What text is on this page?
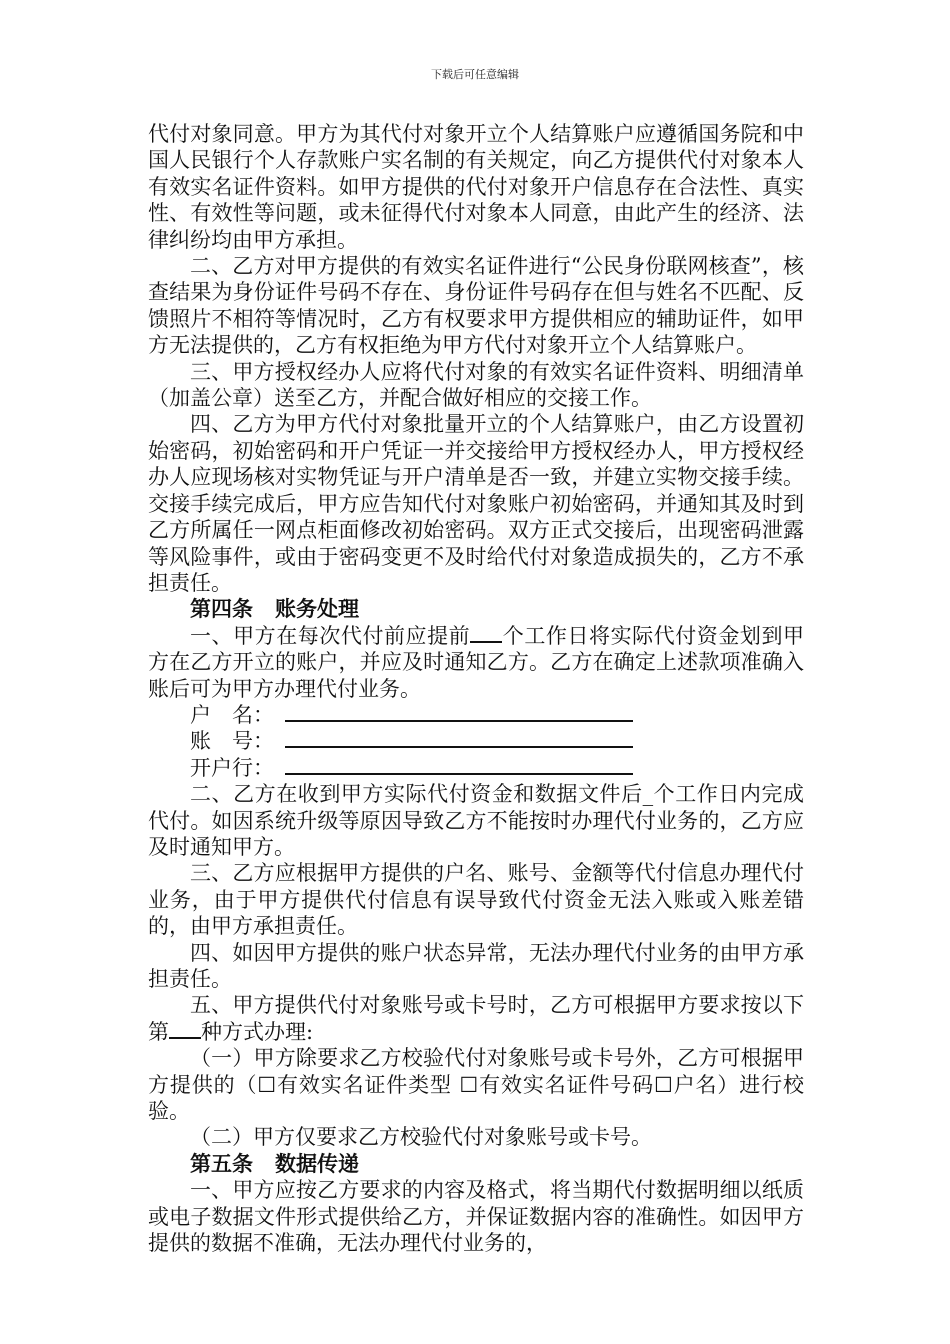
下载后可任意编辑

代付对象同意。甲方为其代付对象开立个人结算账户应遵循国务院和中国人民银行个人存款账户实名制的有关规定，向乙方提供代付对象本人有效实名证件资料。如甲方提供的代付对象开户信息存在合法性、真实性、有效性等问题，或未征得代付对象本人同意，由此产生的经济、法律纠纷均由甲方承担。

二、乙方对甲方提供的有效实名证件进行“公民身份联网核查”，核查结果为身份证件号码不存在、身份证件号码存在但与姓名不匹配、反馈照片不相符等情况时，乙方有权要求甲方提供相应的辅助证件，如甲方无法提供的，乙方有权拒绝为甲方代付对象开立个人结算账户。

三、甲方授权经办人应将代付对象的有效实名证件资料、明细清单（加盖公章）送至乙方，并配合做好相应的交接工作。

四、乙方为甲方代付对象批量开立的个人结算账户，由乙方设置初始密码，初始密码和开户凭证一并交接给甲方授权经办人，甲方授权经办人应现场核对实物凭证与开户清单是否一致，并建立实物交接手续。交接手续完成后，甲方应告知代付对象账户初始密码，并通知其及时到乙方所属任一网点柜面修改初始密码。双方正式交接后，出现密码泄露等风险事件，或由于密码变更不及时给代付对象造成损失的，乙方不承担责任。

第四条 账务处理

一、甲方在每次代付前应提前 个工作日将实际代付资金划到甲方在乙方开立的账户，并应及时通知乙方。乙方在确定上述款项准确入账后可为甲方办理代付业务。

户　名：

账　号：

开户行：

二、乙方在收到甲方实际代付资金和数据文件后_个工作日内完成代付。如因系统升级等原因导致乙方不能按时办理代付业务的，乙方应及时通知甲方。

三、乙方应根据甲方提供的户名、账号、金额等代付信息办理代付业务，由于甲方提供代付信息有误导致代付资金无法入账或入账差错的，由甲方承担责任。

四、如因甲方提供的账户状态异常，无法办理代付业务的由甲方承担责任。

五、甲方提供代付对象账号或卡号时，乙方可根据甲方要求按以下第 种方式办理:

（一）甲方除要求乙方校验代付对象账号或卡号外，乙方可根据甲方提供的（☐有效实名证件类型 ☐有效实名证件号码☐户名）进行校验。

（二）甲方仅要求乙方校验代付对象账号或卡号。

第五条 数据传递

一、甲方应按乙方要求的内容及格式，将当期代付数据明细以纸质或电子数据文件形式提供给乙方，并保证数据内容的准确性。如因甲方提供的数据不准确，无法办理代付业务的，
